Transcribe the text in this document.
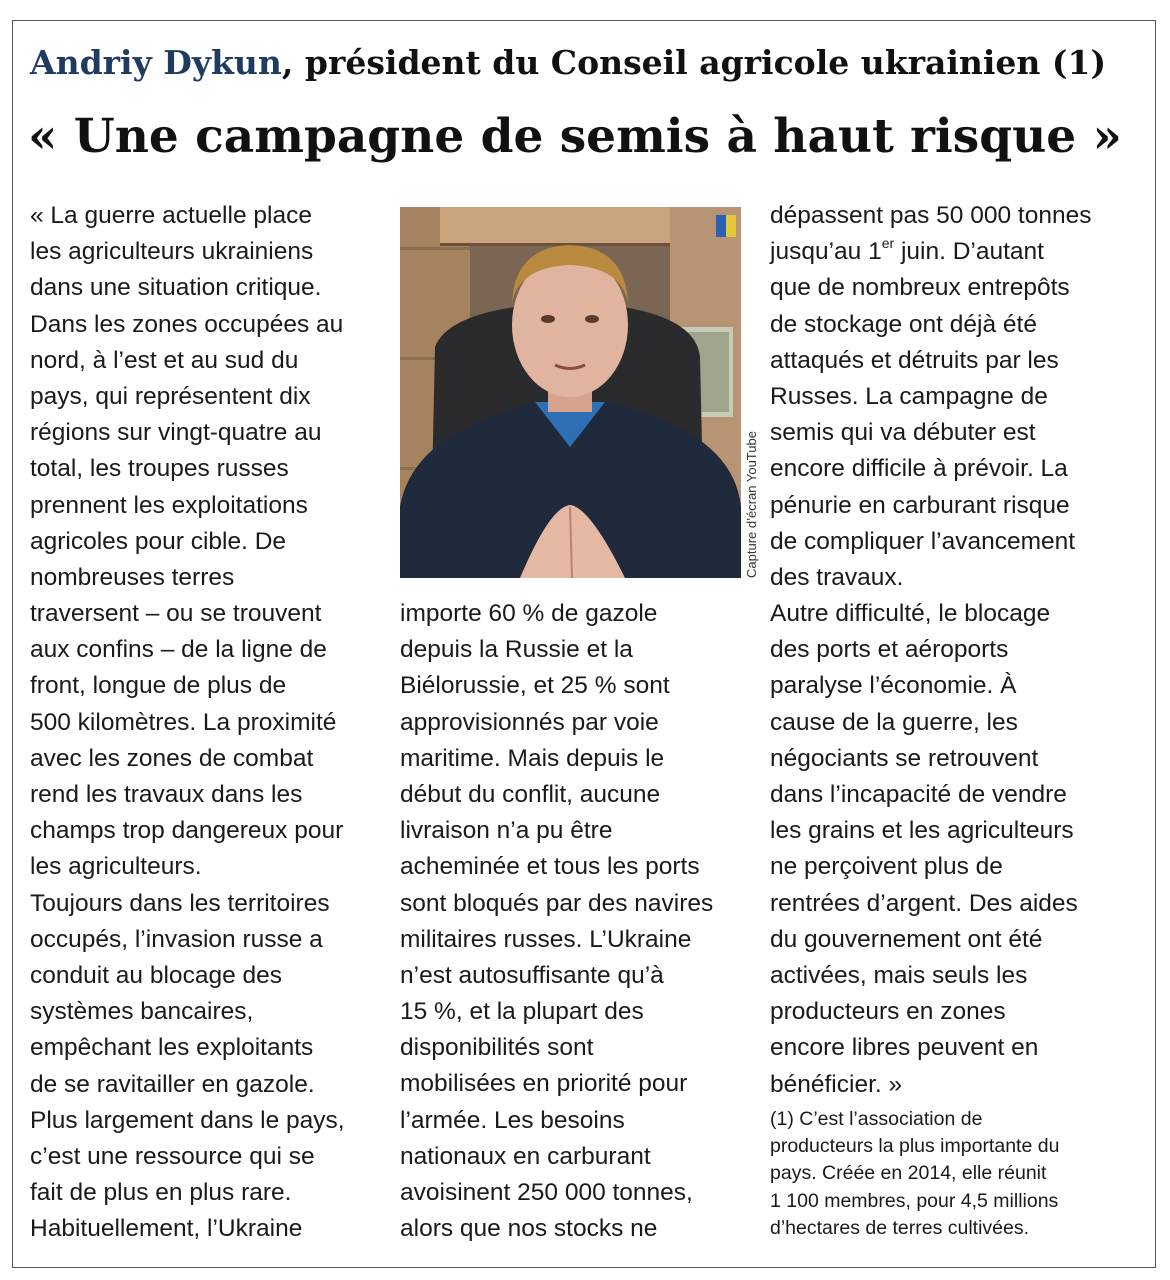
Andriy Dykun, président du Conseil agricole ukrainien (1)
« Une campagne de semis à haut risque »
« La guerre actuelle place
les agriculteurs ukrainiens
dans une situation critique.
Dans les zones occupées au
nord, à l’est et au sud du
pays, qui représentent dix
régions sur vingt-quatre au
total, les troupes russes
prennent les exploitations
agricoles pour cible. De
nombreuses terres
traversent – ou se trouvent
aux confins – de la ligne de
front, longue de plus de
500 kilomètres. La proximité
avec les zones de combat
rend les travaux dans les
champs trop dangereux pour
les agriculteurs.
Toujours dans les territoires
occupés, l’invasion russe a
conduit au blocage des
systèmes bancaires,
empêchant les exploitants
de se ravitailler en gazole.
Plus largement dans le pays,
c’est une ressource qui se
fait de plus en plus rare.
Habituellement, l’Ukraine
Capture d’écran YouTube
importe 60 % de gazole
depuis la Russie et la
Biélorussie, et 25 % sont
approvisionnés par voie
maritime. Mais depuis le
début du conflit, aucune
livraison n’a pu être
acheminée et tous les ports
sont bloqués par des navires
militaires russes. L’Ukraine
n’est autosuffisante qu’à
15 %, et la plupart des
disponibilités sont
mobilisées en priorité pour
l’armée. Les besoins
nationaux en carburant
avoisinent 250 000 tonnes,
alors que nos stocks ne
dépassent pas 50 000 tonnes
jusqu’au 1er juin. D’autant
que de nombreux entrepôts
de stockage ont déjà été
attaqués et détruits par les
Russes. La campagne de
semis qui va débuter est
encore difficile à prévoir. La
pénurie en carburant risque
de compliquer l’avancement
des travaux.
Autre difficulté, le blocage
des ports et aéroports
paralyse l’économie. À
cause de la guerre, les
négociants se retrouvent
dans l’incapacité de vendre
les grains et les agriculteurs
ne perçoivent plus de
rentrées d’argent. Des aides
du gouvernement ont été
activées, mais seuls les
producteurs en zones
encore libres peuvent en
bénéficier. »
(1) C’est l’association de
producteurs la plus importante du
pays. Créée en 2014, elle réunit
1 100 membres, pour 4,5 millions
d’hectares de terres cultivées.
